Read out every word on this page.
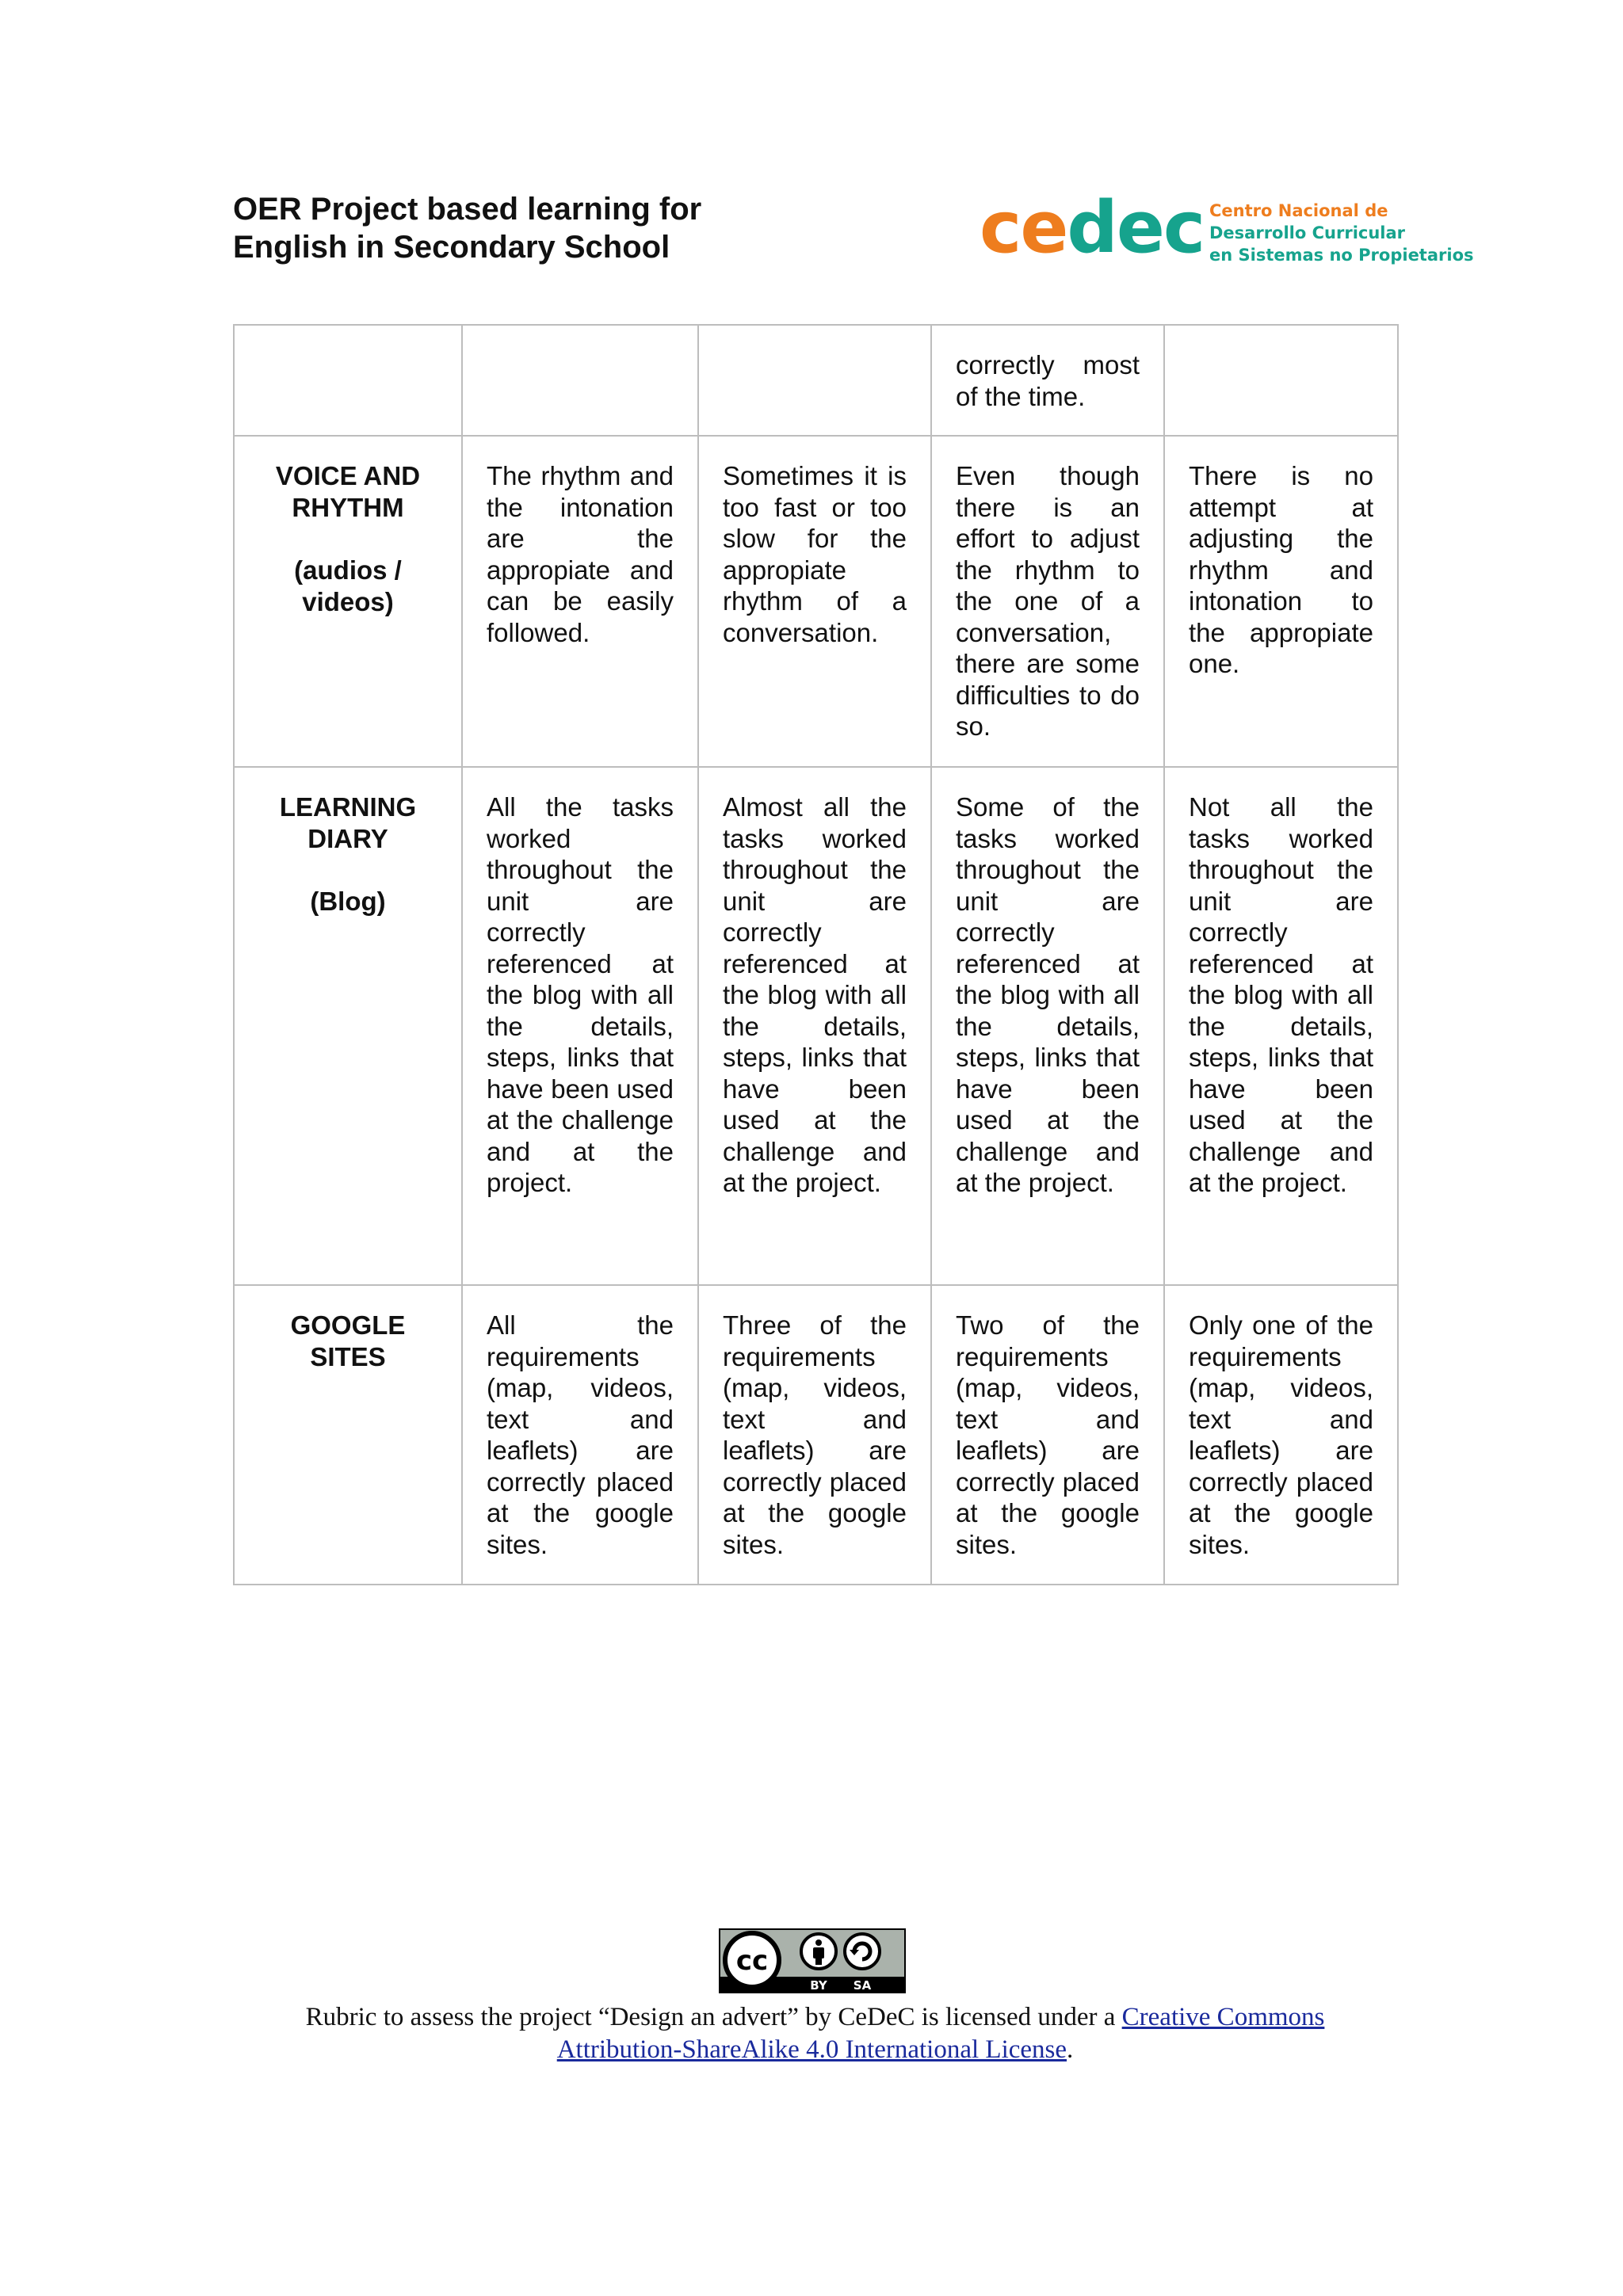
OER Project based learning for
English in Secondary School	cedec Centro Nacional de
Desarrollo Curricular
en Sistemas no Propietarios
			correctly most of the time.	

VOICE AND RHYTHM
(audios / videos)	The rhythm and the intonation are the appropiate and can be easily followed.	Sometimes it is too fast or too slow for the appropiate rhythm of a conversation.	Even though there is an effort to adjust the rhythm to the one of a conversation, there are some difficulties to do so.	There is no attempt at adjusting the rhythm and intonation to the appropiate one.

LEARNING DIARY
(Blog)	All the tasks worked throughout the unit are correctly referenced at the blog with all the details, steps, links that have been used at the challenge and at the project.	Almost all the tasks worked throughout the unit are correctly referenced at the blog with all the details, steps, links that have been used at the challenge and at the project.	Some of the tasks worked throughout the unit are correctly referenced at the blog with all the details, steps, links that have been used at the challenge and at the project.	Not all the tasks worked throughout the unit are correctly referenced at the blog with all the details, steps, links that have been used at the challenge and at the project.

GOOGLE SITES	All the requirements (map, videos, text and leaflets) are correctly placed at the google sites.	Three of the requirements (map, videos, text and leaflets) are correctly placed at the google sites.	Two of the requirements (map, videos, text and leaflets) are correctly placed at the google sites.	Only one of the requirements (map, videos, text and leaflets) are correctly placed at the google sites.
cc
BY SA
Rubric to assess the project “Design an advert” by CeDeC is licensed under a Creative Commons
Attribution-ShareAlike 4.0 International License.
